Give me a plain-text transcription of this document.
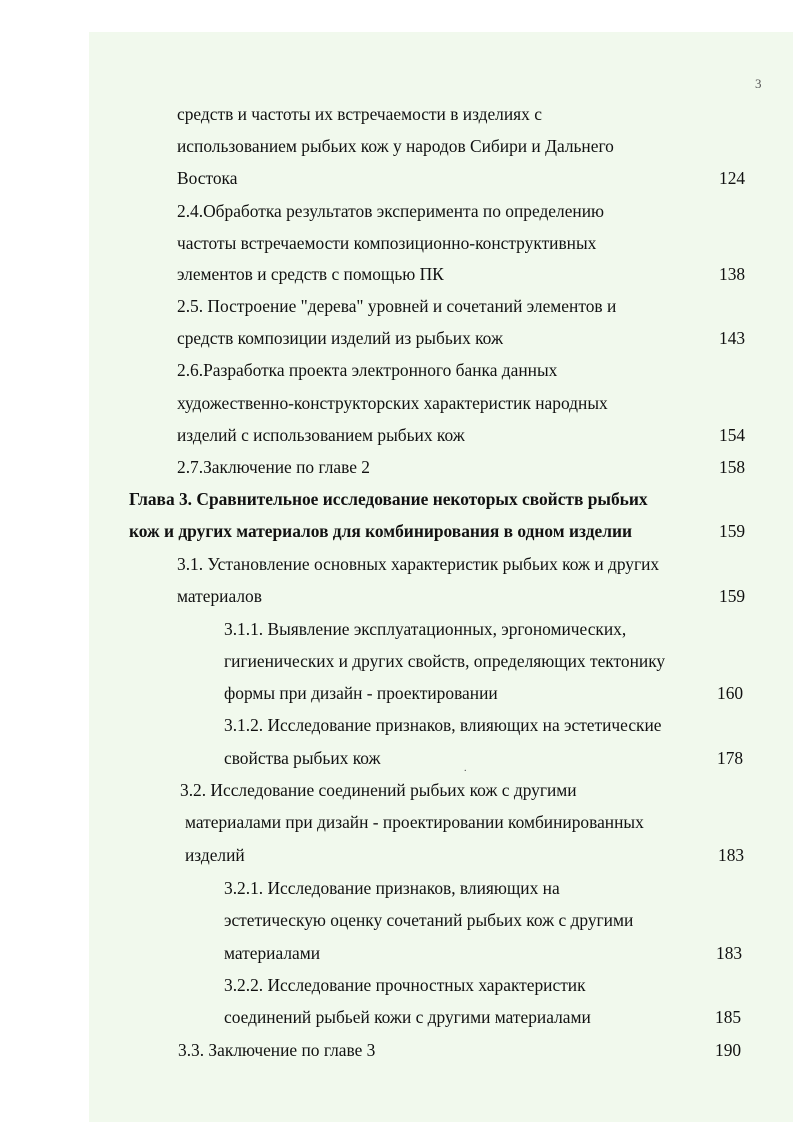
3
средств и частоты их встречаемости в изделиях с
использованием рыбьих кож у народов Сибири и Дальнего
Востока
2.4.Обработка результатов эксперимента по определению
частоты встречаемости композиционно-конструктивных
элементов и средств с помощью ПК
2.5. Построение "дерева" уровней и сочетаний элементов и
средств композиции изделий из рыбьих кож
2.6.Разработка проекта электронного банка данных
художественно-конструкторских характеристик народных
изделий с использованием рыбьих кож
2.7.Заключение по главе 2
Глава 3. Сравнительное исследование некоторых свойств рыбьих
кож и других материалов для комбинирования в одном изделии
3.1. Установление основных характеристик рыбьих кож и других
материалов
3.1.1. Выявление эксплуатационных, эргономических,
гигиенических и других свойств, определяющих тектонику
формы при дизайн - проектировании
3.1.2. Исследование признаков, влияющих на эстетические
свойства рыбьих кож
3.2. Исследование соединений рыбьих кож с другими
материалами при дизайн - проектировании комбинированных
изделий
3.2.1. Исследование признаков, влияющих на
эстетическую оценку сочетаний рыбьих кож с другими
материалами
3.2.2. Исследование прочностных характеристик
соединений рыбьей кожи с другими материалами
3.3. Заключение по главе 3
.
124
138
143
154
158
159
159
160
178
183
183
185
190
